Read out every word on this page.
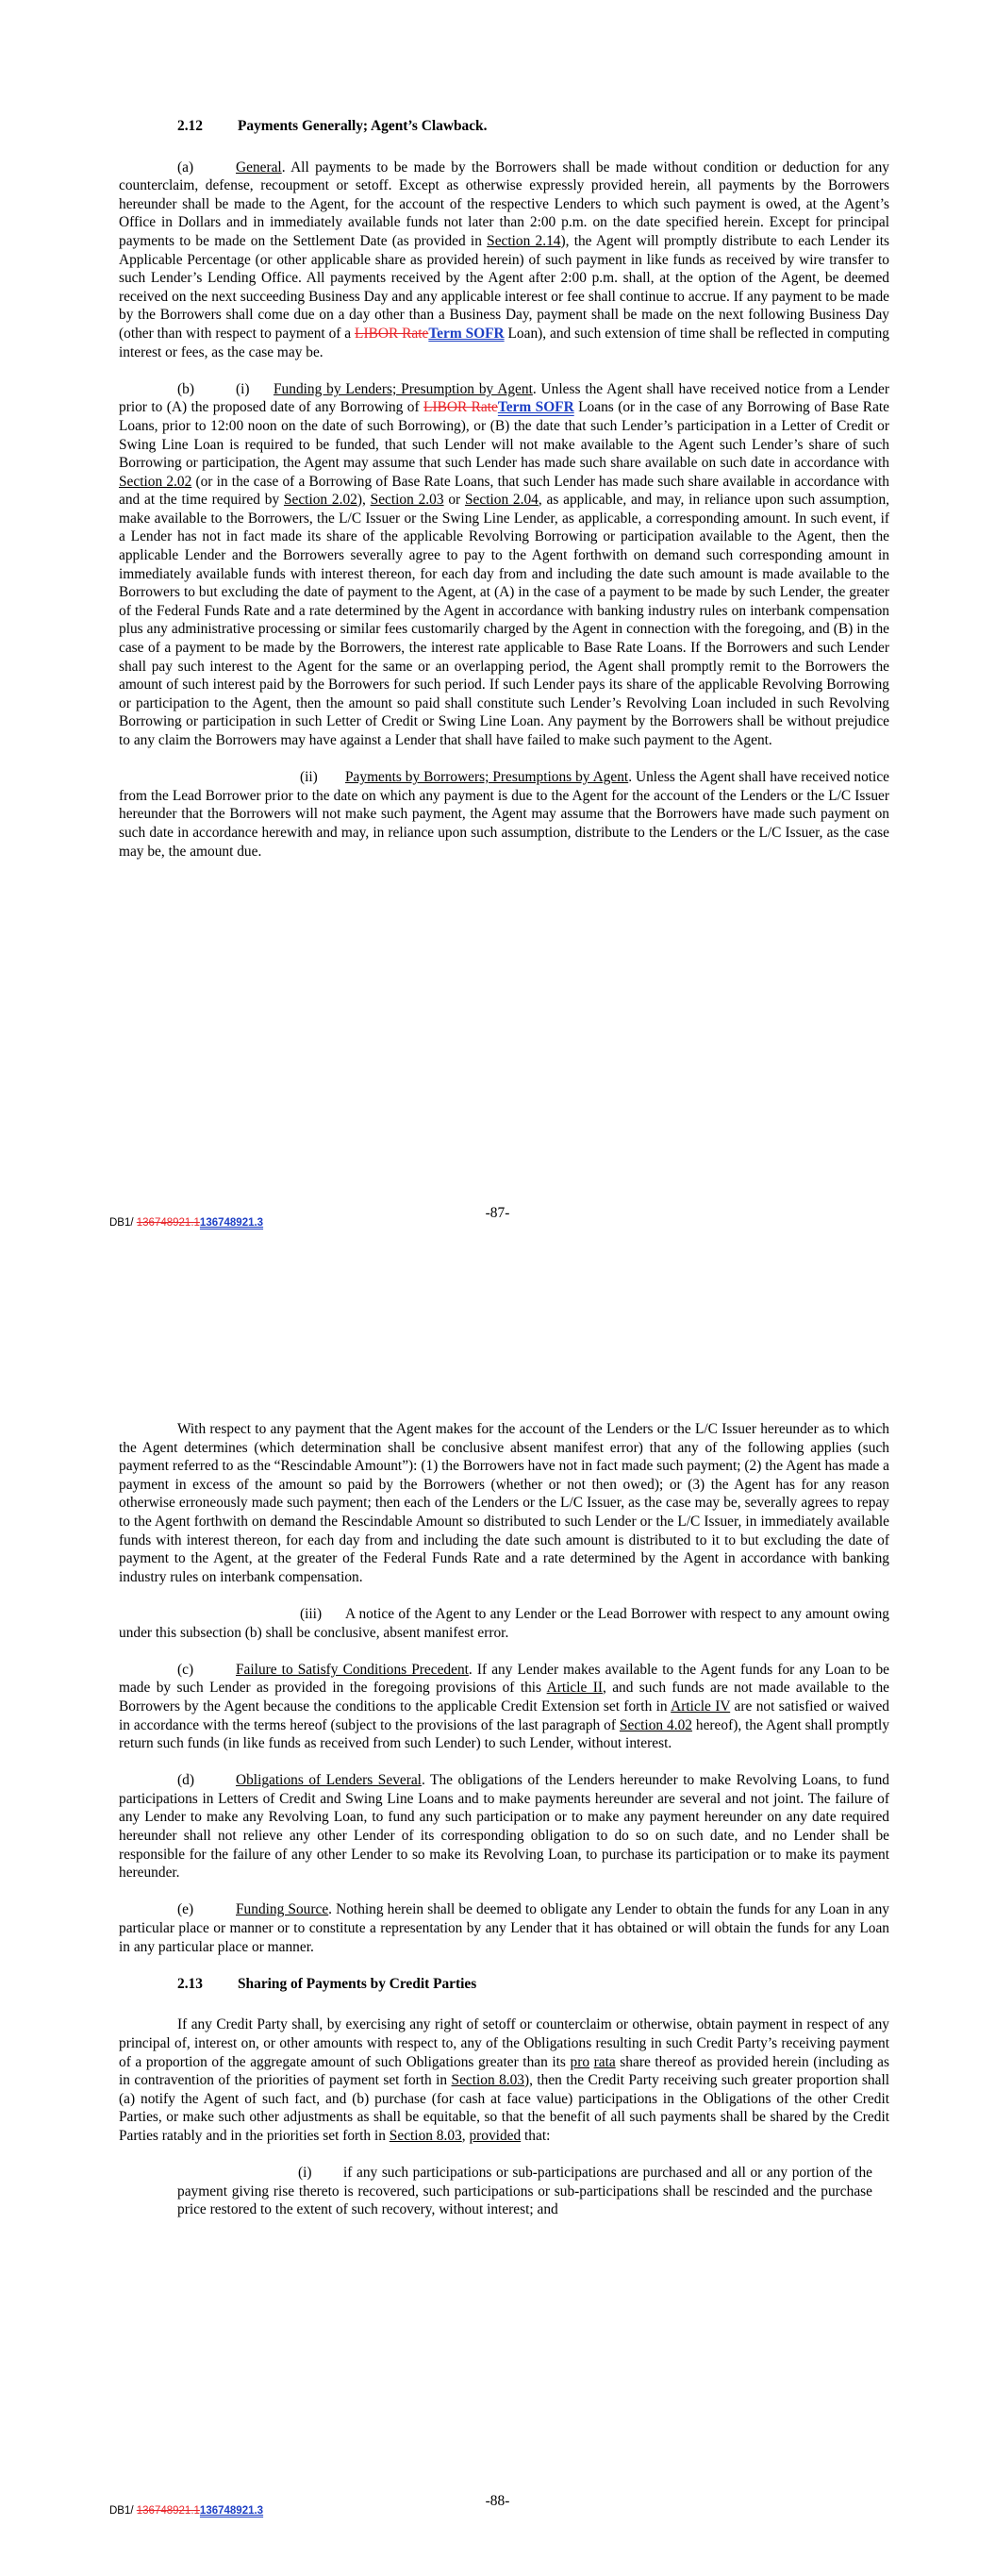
2.12 Payments Generally; Agent’s Clawback.

(a)	General. All payments to be made by the Borrowers shall be made without condition or deduction for any counterclaim, defense, recoupment or setoff. Except as otherwise expressly provided herein, all payments by the Borrowers hereunder shall be made to the Agent, for the account of the respective Lenders to which such payment is owed, at the Agent’s Office in Dollars and in immediately available funds not later than 2:00 p.m. on the date specified herein. Except for principal payments to be made on the Settlement Date (as provided in Section 2.14), the Agent will promptly distribute to each Lender its Applicable Percentage (or other applicable share as provided herein) of such payment in like funds as received by wire transfer to such Lender’s Lending Office. All payments received by the Agent after 2:00 p.m. shall, at the option of the Agent, be deemed received on the next succeeding Business Day and any applicable interest or fee shall continue to accrue. If any payment to be made by the Borrowers shall come due on a day other than a Business Day, payment shall be made on the next following Business Day (other than with respect to payment of a LIBOR RateTerm SOFR Loan), and such extension of time shall be reflected in computing interest or fees, as the case may be.

(b)	(i) Funding by Lenders; Presumption by Agent. Unless the Agent shall have received notice from a Lender prior to (A) the proposed date of any Borrowing of LIBOR RateTerm SOFR Loans (or in the case of any Borrowing of Base Rate Loans, prior to 12:00 noon on the date of such Borrowing), or (B) the date that such Lender’s participation in a Letter of Credit or Swing Line Loan is required to be funded, that such Lender will not make available to the Agent such Lender’s share of such Borrowing or participation, the Agent may assume that such Lender has made such share available on such date in accordance with Section 2.02 (or in the case of a Borrowing of Base Rate Loans, that such Lender has made such share available in accordance with and at the time required by Section 2.02), Section 2.03 or Section 2.04, as applicable, and may, in reliance upon such assumption, make available to the Borrowers, the L/C Issuer or the Swing Line Lender, as applicable, a corresponding amount. In such event, if a Lender has not in fact made its share of the applicable Revolving Borrowing or participation available to the Agent, then the applicable Lender and the Borrowers severally agree to pay to the Agent forthwith on demand such corresponding amount in immediately available funds with interest thereon, for each day from and including the date such amount is made available to the Borrowers to but excluding the date of payment to the Agent, at (A) in the case of a payment to be made by such Lender, the greater of the Federal Funds Rate and a rate determined by the Agent in accordance with banking industry rules on interbank compensation plus any administrative processing or similar fees customarily charged by the Agent in connection with the foregoing, and (B) in the case of a payment to be made by the Borrowers, the interest rate applicable to Base Rate Loans. If the Borrowers and such Lender shall pay such interest to the Agent for the same or an overlapping period, the Agent shall promptly remit to the Borrowers the amount of such interest paid by the Borrowers for such period. If such Lender pays its share of the applicable Revolving Borrowing or participation to the Agent, then the amount so paid shall constitute such Lender’s Revolving Loan included in such Revolving Borrowing or participation in such Letter of Credit or Swing Line Loan. Any payment by the Borrowers shall be without prejudice to any claim the Borrowers may have against a Lender that shall have failed to make such payment to the Agent.

(ii) Payments by Borrowers; Presumptions by Agent. Unless the Agent shall have received notice from the Lead Borrower prior to the date on which any payment is due to the Agent for the account of the Lenders or the L/C Issuer hereunder that the Borrowers will not make such payment, the Agent may assume that the Borrowers have made such payment on such date in accordance herewith and may, in reliance upon such assumption, distribute to the Lenders or the L/C Issuer, as the case may be, the amount due.

DB1/ 136748921.1136748921.3
-87-

With respect to any payment that the Agent makes for the account of the Lenders or the L/C Issuer hereunder as to which the Agent determines (which determination shall be conclusive absent manifest error) that any of the following applies (such payment referred to as the “Rescindable Amount”): (1) the Borrowers have not in fact made such payment; (2) the Agent has made a payment in excess of the amount so paid by the Borrowers (whether or not then owed); or (3) the Agent has for any reason otherwise erroneously made such payment; then each of the Lenders or the L/C Issuer, as the case may be, severally agrees to repay to the Agent forthwith on demand the Rescindable Amount so distributed to such Lender or the L/C Issuer, in immediately available funds with interest thereon, for each day from and including the date such amount is distributed to it to but excluding the date of payment to the Agent, at the greater of the Federal Funds Rate and a rate determined by the Agent in accordance with banking industry rules on interbank compensation.

(iii) A notice of the Agent to any Lender or the Lead Borrower with respect to any amount owing under this subsection (b) shall be conclusive, absent manifest error.

(c)	Failure to Satisfy Conditions Precedent. If any Lender makes available to the Agent funds for any Loan to be made by such Lender as provided in the foregoing provisions of this Article II, and such funds are not made available to the Borrowers by the Agent because the conditions to the applicable Credit Extension set forth in Article IV are not satisfied or waived in accordance with the terms hereof (subject to the provisions of the last paragraph of Section 4.02 hereof), the Agent shall promptly return such funds (in like funds as received from such Lender) to such Lender, without interest.

(d)	Obligations of Lenders Several. The obligations of the Lenders hereunder to make Revolving Loans, to fund participations in Letters of Credit and Swing Line Loans and to make payments hereunder are several and not joint. The failure of any Lender to make any Revolving Loan, to fund any such participation or to make any payment hereunder on any date required hereunder shall not relieve any other Lender of its corresponding obligation to do so on such date, and no Lender shall be responsible for the failure of any other Lender to so make its Revolving Loan, to purchase its participation or to make its payment hereunder.

(e)	Funding Source. Nothing herein shall be deemed to obligate any Lender to obtain the funds for any Loan in any particular place or manner or to constitute a representation by any Lender that it has obtained or will obtain the funds for any Loan in any particular place or manner.

2.13 Sharing of Payments by Credit Parties

If any Credit Party shall, by exercising any right of setoff or counterclaim or otherwise, obtain payment in respect of any principal of, interest on, or other amounts with respect to, any of the Obligations resulting in such Credit Party’s receiving payment of a proportion of the aggregate amount of such Obligations greater than its pro rata share thereof as provided herein (including as in contravention of the priorities of payment set forth in Section 8.03), then the Credit Party receiving such greater proportion shall (a) notify the Agent of such fact, and (b) purchase (for cash at face value) participations in the Obligations of the other Credit Parties, or make such other adjustments as shall be equitable, so that the benefit of all such payments shall be shared by the Credit Parties ratably and in the priorities set forth in Section 8.03, provided that:

(i) if any such participations or sub-participations are purchased and all or any portion of the payment giving rise thereto is recovered, such participations or sub-participations shall be rescinded and the purchase price restored to the extent of such recovery, without interest; and

DB1/ 136748921.1136748921.3
-88-
